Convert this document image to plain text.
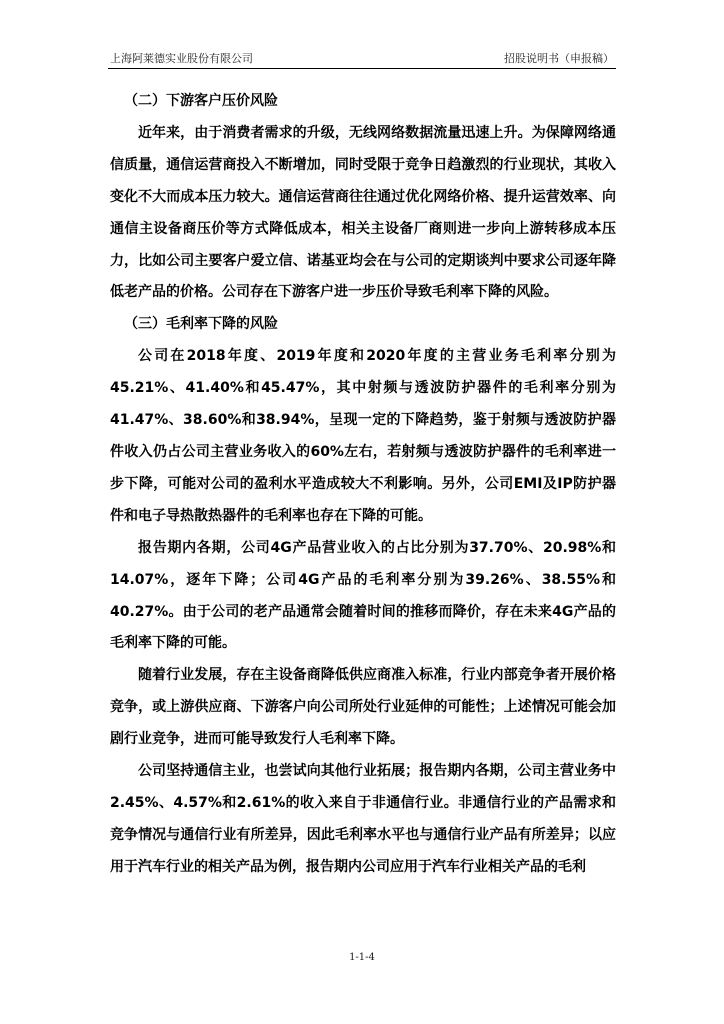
上海阿莱德实业股份有限公司	招股说明书（申报稿）

（二）下游客户压价风险

近年来，由于消费者需求的升级，无线网络数据流量迅速上升。为保障网络通信质量，通信运营商投入不断增加，同时受限于竞争日趋激烈的行业现状，其收入变化不大而成本压力较大。通信运营商往往通过优化网络价格、提升运营效率、向通信主设备商压价等方式降低成本，相关主设备厂商则进一步向上游转移成本压力，比如公司主要客户爱立信、诺基亚均会在与公司的定期谈判中要求公司逐年降低老产品的价格。公司存在下游客户进一步压价导致毛利率下降的风险。

（三）毛利率下降的风险

公司在2018年度、2019年度和2020年度的主营业务毛利率分别为45.21%、41.40%和45.47%，其中射频与透波防护器件的毛利率分别为41.47%、38.60%和38.94%，呈现一定的下降趋势，鉴于射频与透波防护器件收入仍占公司主营业务收入的60%左右，若射频与透波防护器件的毛利率进一步下降，可能对公司的盈利水平造成较大不利影响。另外，公司EMI及IP防护器件和电子导热散热器件的毛利率也存在下降的可能。

报告期内各期，公司4G产品营业收入的占比分别为37.70%、20.98%和14.07%，逐年下降；公司4G产品的毛利率分别为39.26%、38.55%和40.27%。由于公司的老产品通常会随着时间的推移而降价，存在未来4G产品的毛利率下降的可能。

随着行业发展，存在主设备商降低供应商准入标准，行业内部竞争者开展价格竞争，或上游供应商、下游客户向公司所处行业延伸的可能性；上述情况可能会加剧行业竞争，进而可能导致发行人毛利率下降。

公司坚持通信主业，也尝试向其他行业拓展；报告期内各期，公司主营业务中2.45%、4.57%和2.61%的收入来自于非通信行业。非通信行业的产品需求和竞争情况与通信行业有所差异，因此毛利率水平也与通信行业产品有所差异；以应用于汽车行业的相关产品为例，报告期内公司应用于汽车行业相关产品的毛利

1-1-4
